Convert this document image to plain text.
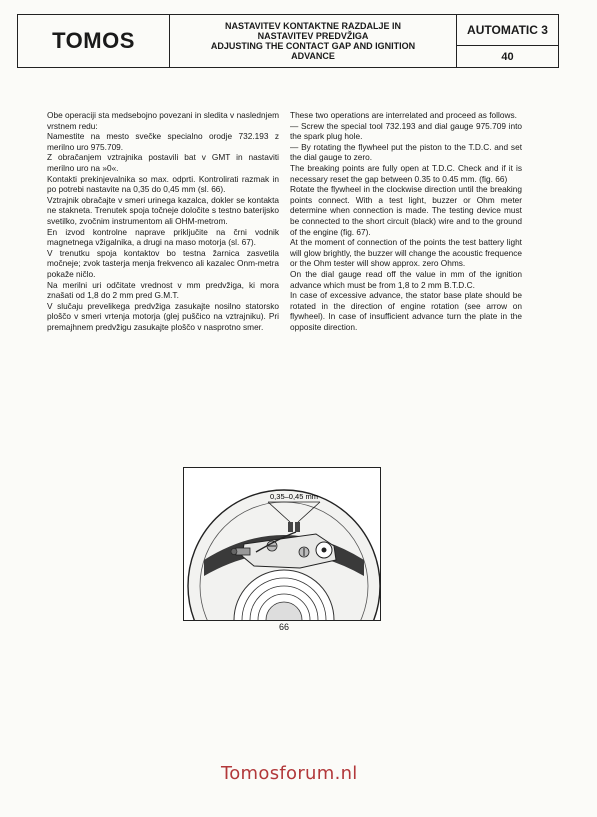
TOMOS
NASTAVITEV KONTAKTNE RAZDALJE IN
NASTAVITEV PREDVŽIGA
ADJUSTING THE CONTACT GAP AND IGNITION
ADVANCE
AUTOMATIC 3
40

Obe operaciji sta medsebojno povezani in sledita v naslednjem vrstnem redu:

Namestite na mesto svečke specialno orodje 732.193 z merilno uro 975.709.

Z obračanjem vztrajnika postavili bat v GMT in nastaviti merilno uro na »0«.

Kontakti prekinjevalnika so max. odprti. Kontrolirati razmak in po potrebi nastavite na 0,35 do 0,45 mm (sl. 66).

Vztrajnik obračajte v smeri urinega kazalca, dokler se kontakta ne stakneta. Trenutek spoja točneje določite s testno baterijsko svetilko, zvočnim instrumentom ali OHM-metrom.

En izvod kontrolne naprave priključite na črni vodnik magnetnega vžigalnika, a drugi na maso motorja (sl. 67).

V trenutku spoja kontaktov bo testna žarnica zasvetila močneje; zvok tasterja menja frekvenco ali kazalec Onm-metra pokaže ničlo.

Na merilni uri odčitate vrednost v mm predvžiga, ki mora znašati od 1,8 do 2 mm pred G.M.T.

V slučaju prevelikega predvžiga zasukajte nosilno statorsko ploščo v smeri vrtenja motorja (glej puščico na vztrajniku). Pri premajhnem predvžigu zasukajte ploščo v nasprotno smer.

These two operations are interrelated and proceed as follows.

— Screw the special tool 732.193 and dial gauge 975.709 into the spark plug hole.

— By rotating the flywheel put the piston to the T.D.C. and set the dial gauge to zero.

The breaking points are fully open at T.D.C. Check and if it is necessary reset the gap between 0.35 to 0.45 mm. (fig. 66)

Rotate the flywheel in the clockwise direction until the breaking points connect. With a test light, buzzer or Ohm meter determine when connection is made. The testing device must be connected to the short circuit (black) wire and to the ground of the engine (fig. 67).

At the moment of connection of the points the test battery light will glow brightly, the buzzer will change the acoustic frequence or the Ohm tester will show approx. zero Ohms.

On the dial gauge read off the value in mm of the ignition advance which must be from 1,8 to 2 mm B.T.D.C.

In case of excessive advance, the stator base plate should be rotated in the direction of engine rotation (see arrow on flywheel). In case of insufficient advance turn the plate in the opposite direction.

0,35–0,45 mm
66
Tomosforum.nl
